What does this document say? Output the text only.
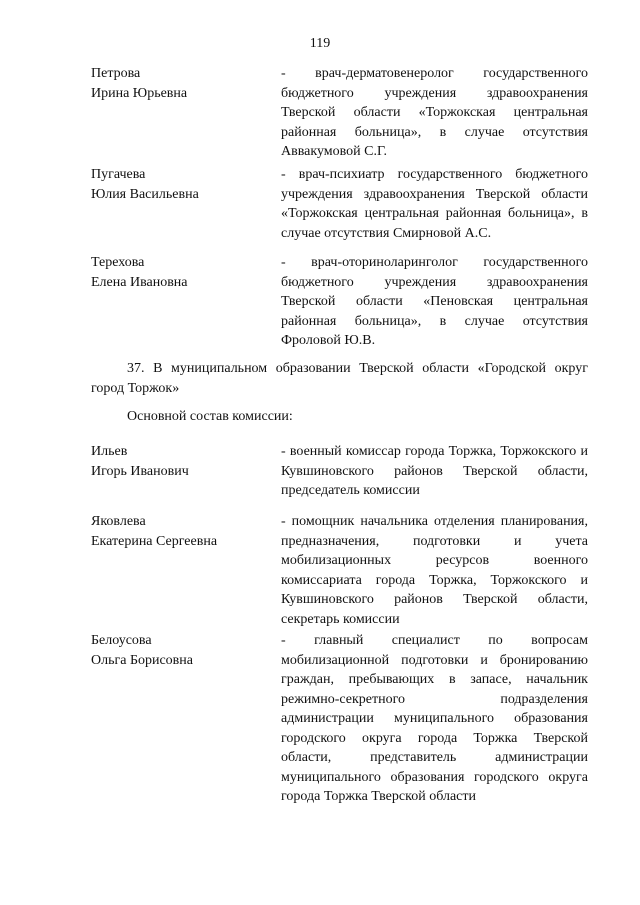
119
Петрова
Ирина Юрьевна
- врач-дерматовенеролог государственного бюджетного учреждения здравоохранения Тверской области «Торжокская центральная районная больница», в случае отсутствия Аввакумовой С.Г.
Пугачева
Юлия Васильевна
- врач-психиатр государственного бюджетного учреждения здравоохранения Тверской области «Торжокская центральная районная больница», в случае отсутствия Смирновой А.С.
Терехова
Елена Ивановна
- врач-оториноларинголог государственного бюджетного учреждения здравоохранения Тверской области «Пеновская центральная районная больница», в случае отсутствия Фроловой Ю.В.
37. В муниципальном образовании Тверской области «Городской округ город Торжок»
Основной состав комиссии:
Ильев
Игорь Иванович
- военный комиссар города Торжка, Торжокского и Кувшиновского районов Тверской области, председатель комиссии
Яковлева
Екатерина Сергеевна
- помощник начальника отделения планирования, предназначения, подготовки и учета мобилизационных ресурсов военного комиссариата города Торжка, Торжокского и Кувшиновского районов Тверской области, секретарь комиссии
Белоусова
Ольга Борисовна
- главный специалист по вопросам мобилизационной подготовки и бронированию граждан, пребывающих в запасе, начальник режимно-секретного подразделения администрации муниципального образования городского округа города Торжка Тверской области, представитель администрации муниципального образования городского округа города Торжка Тверской области
